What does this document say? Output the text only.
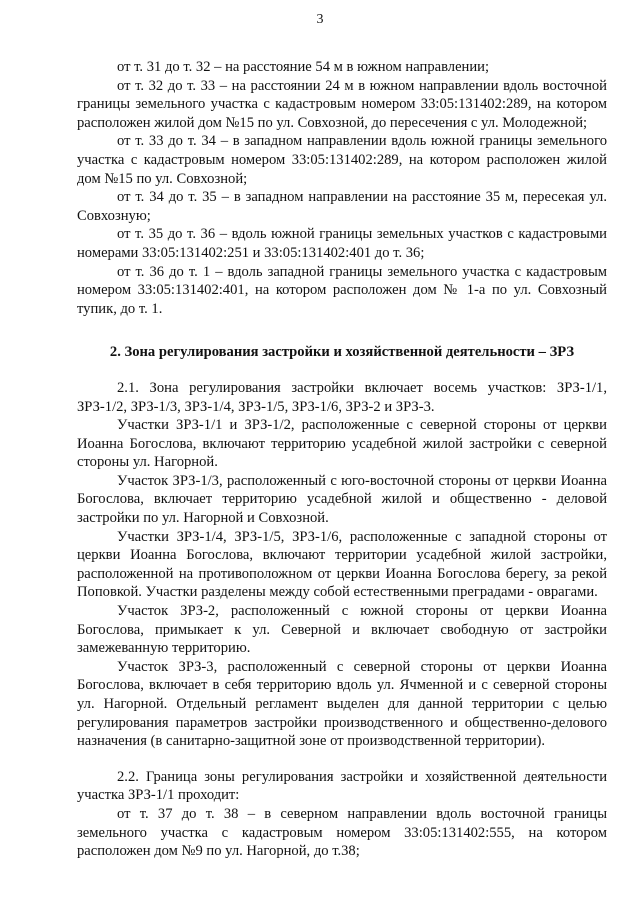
3

от т. 31 до т. 32 – на расстояние 54 м в южном направлении;

от т. 32 до т. 33 – на расстоянии 24 м в южном направлении вдоль восточной границы земельного участка с кадастровым номером 33:05:131402:289, на котором расположен жилой дом №15 по ул. Совхозной, до пересечения с ул. Молодежной;

от т. 33 до т. 34 – в западном направлении вдоль южной границы земельного участка с кадастровым номером 33:05:131402:289, на котором расположен жилой дом №15 по ул. Совхозной;

от т. 34 до т. 35 – в западном направлении на расстояние 35 м, пересекая ул. Совхозную;

от т. 35 до т. 36 – вдоль южной границы земельных участков с кадастровыми номерами 33:05:131402:251 и 33:05:131402:401 до т. 36;

от т. 36 до т. 1 – вдоль западной границы земельного участка с кадастровым номером 33:05:131402:401, на котором расположен дом № 1-а по ул. Совхозный тупик, до т. 1.

2. Зона регулирования застройки и хозяйственной деятельности – ЗРЗ

2.1. Зона регулирования застройки включает восемь участков: ЗРЗ-1/1, ЗРЗ-1/2, ЗРЗ-1/3, ЗРЗ-1/4, ЗРЗ-1/5, ЗРЗ-1/6, ЗРЗ-2 и ЗРЗ-3.

Участки ЗРЗ-1/1 и ЗРЗ-1/2, расположенные с северной стороны от церкви Иоанна Богослова, включают территорию усадебной жилой застройки с северной стороны ул. Нагорной.

Участок ЗРЗ-1/3, расположенный с юго-восточной стороны от церкви Иоанна Богослова, включает территорию усадебной жилой и общественно - деловой застройки по ул. Нагорной и Совхозной.

Участки ЗРЗ-1/4, ЗРЗ-1/5, ЗРЗ-1/6, расположенные с западной стороны от церкви Иоанна Богослова, включают территории усадебной жилой застройки, расположенной на противоположном от церкви Иоанна Богослова берегу, за рекой Поповкой. Участки разделены между собой естественными преградами - оврагами.

Участок ЗРЗ-2, расположенный с южной стороны от церкви Иоанна Богослова, примыкает к ул. Северной и включает свободную от застройки замежеванную территорию.

Участок ЗРЗ-3, расположенный с северной стороны от церкви Иоанна Богослова, включает в себя территорию вдоль ул. Ячменной и с северной стороны ул. Нагорной. Отдельный регламент выделен для данной территории с целью регулирования параметров застройки производственного и общественно-делового назначения (в санитарно-защитной зоне от производственной территории).

2.2. Граница зоны регулирования застройки и хозяйственной деятельности участка ЗРЗ-1/1 проходит:

от т. 37 до т. 38 – в северном направлении вдоль восточной границы земельного участка с кадастровым номером 33:05:131402:555, на котором расположен дом №9 по ул. Нагорной, до т.38;
